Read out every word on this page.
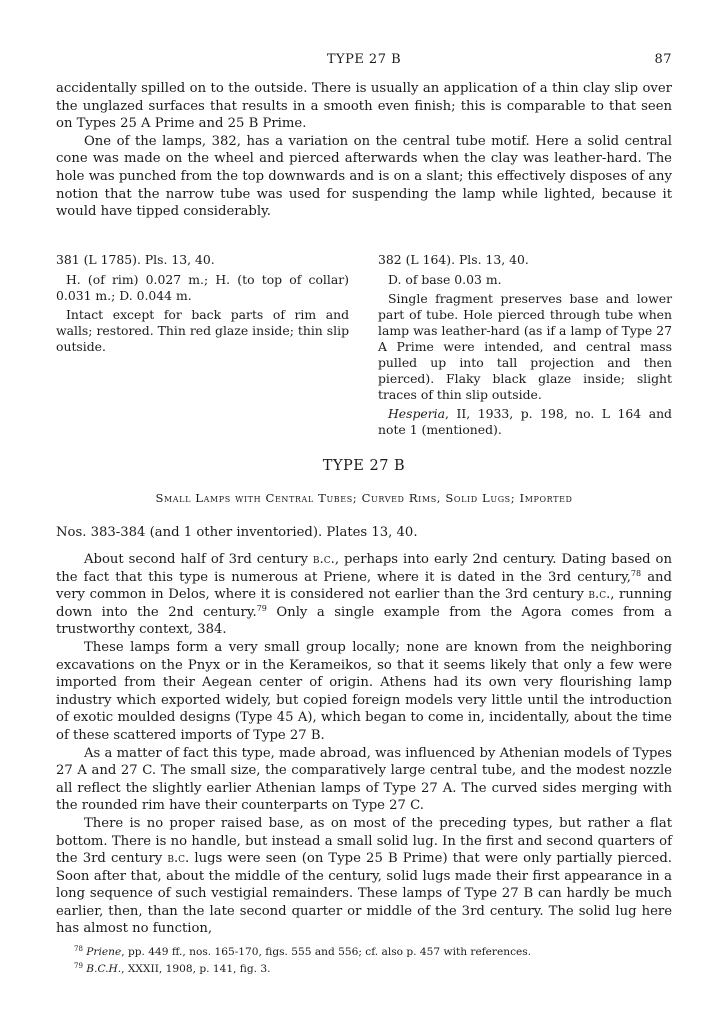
TYPE 27 B	87

accidentally spilled on to the outside. There is usually an application of a thin clay slip over the unglazed surfaces that results in a smooth even finish; this is comparable to that seen on Types 25 A Prime and 25 B Prime.

One of the lamps, 382, has a variation on the central tube motif. Here a solid central cone was made on the wheel and pierced afterwards when the clay was leather-hard. The hole was punched from the top downwards and is on a slant; this effectively disposes of any notion that the narrow tube was used for suspending the lamp while lighted, because it would have tipped considerably.

381 (L 1785). Pls. 13, 40.

H. (of rim) 0.027 m.; H. (to top of collar) 0.031 m.; D. 0.044 m.

Intact except for back parts of rim and walls; restored. Thin red glaze inside; thin slip outside.

382 (L 164). Pls. 13, 40.

D. of base 0.03 m.

Single fragment preserves base and lower part of tube. Hole pierced through tube when lamp was leather-hard (as if a lamp of Type 27 A Prime were intended, and central mass pulled up into tall projection and then pierced). Flaky black glaze inside; slight traces of thin slip outside.

Hesperia, II, 1933, p. 198, no. L 164 and note 1 (mentioned).

TYPE 27 B
Small Lamps with Central Tubes; Curved Rims, Solid Lugs; Imported
Nos. 383-384 (and 1 other inventoried). Plates 13, 40.

About second half of 3rd century b.c., perhaps into early 2nd century. Dating based on the fact that this type is numerous at Priene, where it is dated in the 3rd century,$^{78}$ and very common in Delos, where it is considered not earlier than the 3rd century b.c., running down into the 2nd century.$^{79}$ Only a single example from the Agora comes from a trustworthy context, 384.

These lamps form a very small group locally; none are known from the neighboring excavations on the Pnyx or in the Kerameikos, so that it seems likely that only a few were imported from their Aegean center of origin. Athens had its own very flourishing lamp industry which exported widely, but copied foreign models very little until the introduction of exotic moulded designs (Type 45 A), which began to come in, incidentally, about the time of these scattered imports of Type 27 B.

As a matter of fact this type, made abroad, was influenced by Athenian models of Types 27 A and 27 C. The small size, the comparatively large central tube, and the modest nozzle all reflect the slightly earlier Athenian lamps of Type 27 A. The curved sides merging with the rounded rim have their counterparts on Type 27 C.

There is no proper raised base, as on most of the preceding types, but rather a flat bottom. There is no handle, but instead a small solid lug. In the first and second quarters of the 3rd century b.c. lugs were seen (on Type 25 B Prime) that were only partially pierced. Soon after that, about the middle of the century, solid lugs made their first appearance in a long sequence of such vestigial remainders. These lamps of Type 27 B can hardly be much earlier, then, than the late second quarter or middle of the 3rd century. The solid lug here has almost no function,

$^{78}$ Priene, pp. 449 ff., nos. 165-170, figs. 555 and 556; cf. also p. 457 with references.

$^{79}$ B.C.H., XXXII, 1908, p. 141, fig. 3.
